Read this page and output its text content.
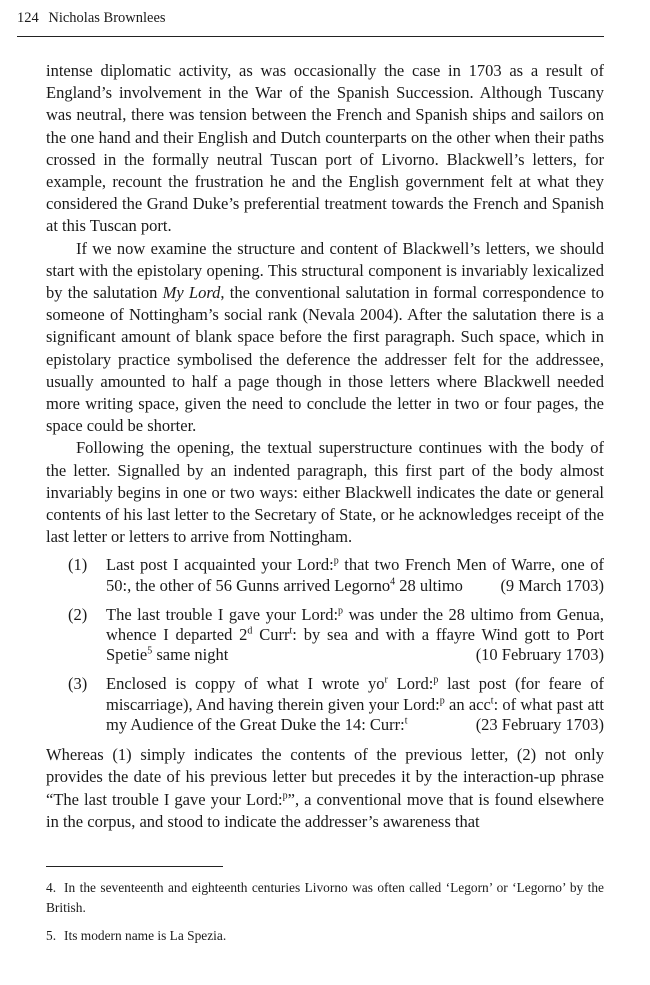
124 Nicholas Brownlees

intense diplomatic activity, as was occasionally the case in 1703 as a result of England’s involvement in the War of the Spanish Succession. Although Tuscany was neutral, there was tension between the French and Spanish ships and sailors on the one hand and their English and Dutch counterparts on the other when their paths crossed in the formally neutral Tuscan port of Livorno. Blackwell’s letters, for example, recount the frustration he and the English government felt at what they considered the Grand Duke’s preferential treatment towards the French and Spanish at this Tuscan port.

If we now examine the structure and content of Blackwell’s letters, we should start with the epistolary opening. This structural component is invariably lexicalized by the salutation My Lord, the conventional salutation in formal correspondence to someone of Nottingham’s social rank (Nevala 2004). After the salutation there is a significant amount of blank space before the first paragraph. Such space, which in epistolary practice symbolised the deference the addresser felt for the addressee, usually amounted to half a page though in those letters where Blackwell needed more writing space, given the need to conclude the letter in two or four pages, the space could be shorter.

Following the opening, the textual superstructure continues with the body of the letter. Signalled by an indented paragraph, this first part of the body almost invariably begins in one or two ways: either Blackwell indicates the date or general contents of his last letter to the Secretary of State, or he acknowledges receipt of the last letter or letters to arrive from Nottingham.

(1) Last post I acquainted your Lord:$^p$ that two French Men of Warre, one of 50:, the other of 56 Gunns arrived Legorno$^4$ 28 ultimo (9 March 1703)
(2) The last trouble I gave your Lord:$^p$ was under the 28 ultimo from Genua, whence I departed 2$^d$ Curr$^t$: by sea and with a ffayre Wind gott to Port Spetie$^5$ same night	(10 February 1703)
(3) Enclosed is coppy of what I wrote $yo^r$ Lord:$^p$ last post (for feare of miscarriage), And having therein given your Lord:$^p$ an acc$^t$: of what past att my Audience of the Great Duke the 14: Curr:$^t$	(23 February 1703)

Whereas (1) simply indicates the contents of the previous letter, (2) not only provides the date of his previous letter but precedes it by the interaction-up phrase “The last trouble I gave your Lord:$^p$”, a conventional move that is found elsewhere in the corpus, and stood to indicate the addresser’s awareness that

4. In the seventeenth and eighteenth centuries Livorno was often called ‘Legorn’ or ‘Legorno’ by the British.

5. Its modern name is La Spezia.
